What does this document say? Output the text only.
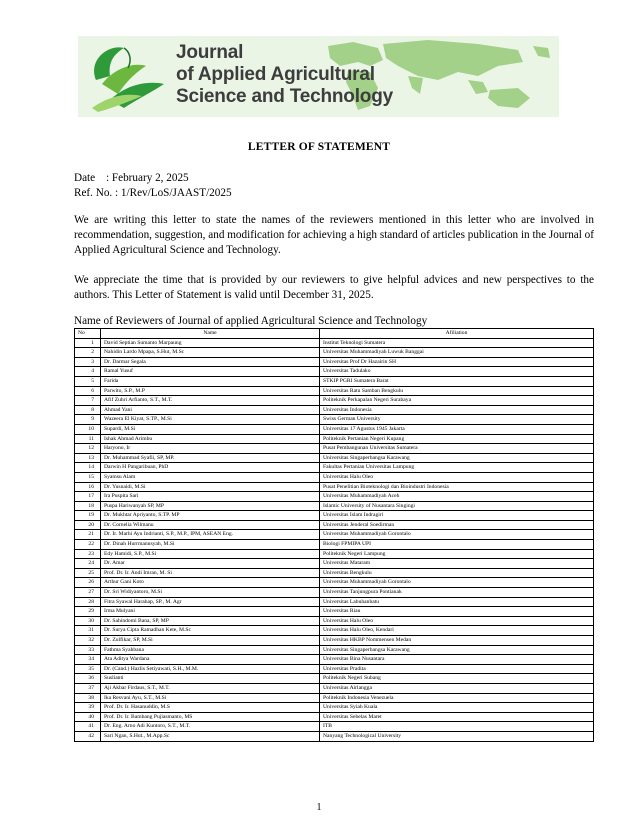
Journal
of Applied Agricultural
Science and Technology
LETTER OF STATEMENT
Date : February 2, 2025
Ref. No. : 1/Rev/LoS/JAAST/2025
We are writing this letter to state the names of the reviewers mentioned in this letter who are involved in recommendation, suggestion, and modification for achieving a high standard of articles publication in the Journal of Applied Agricultural Science and Technology.
We appreciate the time that is provided by our reviewers to give helpful advices and new perspectives to the authors. This Letter of Statement is valid until December 31, 2025.
Name of Reviewers of Journal of applied Agricultural Science and Technology
No	Name	Afiliation
1	David Septian Sumanto Marpaung	Institut Teknologi Sumatera
2	Nahidin Lardo Mpapa, S.Hut, M.Sc	Universitas Muhammadiyah Luwuk Banggai
3	Dr. Darmar Segala	Universitas Prof Dr Hazairin SH
4	Ramal Yusuf	Universitas Tadulako
5	Farida	STKIP PGRI Sumatera Barat
6	Parwito, S.P., M.P	Universitas Ratu Samban Bengkulu
7	Afif Zuhri Arfianto, S.T., M.T.	Politeknik Perkapalan Negeri Surabaya
8	Ahmad Yani	Universitas Indonesia
9	Wazeera El Kiyat, S.TP., M.Si	Swiss German University
10	Supardi, M.Si	Universitas 17 Agustus 1945 Jakarta
11	Ishak Ahmad Arimbu	Politeknik Pertanian Negeri Kupang
12	Haryono, Ir	Pusat Pembangunan Universitas Sumatera
13	Dr. Muhammad Syafii, SP, MP.	Universitas Singaperbangsa Karawang
14	Darwin H Pangaribuan, PhD	Fakultas Pertanian Universitas Lampung
15	Syamsu Alam	Universitas Halu Oleo
16	Dr. Yusnaidi, M.Si	Pusat Penelitian Bioteknologi dan Bioindustri Indonesia
17	Ira Puspita Sari	Universitas Muhammadiyah Aceh
18	Puspa Hariwanyah SP, MP	Islamic University of Nusantara Singingi
19	Dr. Mukhtar Apriyanto, S.TP. MP	Universitas Islam Indragiri
20	Dr. Cornelia Wilmanu	Universitas Jenderal Soedirman
21	Dr. Ir. Marhi Ayu Indrianti, S.P., M.P., IPM, ASEAN Eng.	Universitas Muhammadiyah Gorontalo
22	Dr. Dinah Hurrmannsyah, M.Si	Biologi FPMIPA UPI
23	Edy Hamidi, S.P., M.Si	Politeknik Negeri Lampung
24	Dr. Amar	Universitas Mataram
25	Prof. Dr. Ir. Andi Imran, M. Si	Universitas Bengkulu
26	Arthur Gani Koto	Universitas Muhammadiyah Gorontalo
27	Dr. Sri Widiyantoro, M.Si	Universitas Tanjungpura Pontianak
28	Fitra Syawal Harahap, SP., M. Agr	Universitas Labuhanbatu
29	Irma Mulyani	Universitas Riau
30	Dr. Sahindomi Bana, SP, MP	Universitas Halu Oleo
31	Dr. Surya Cipta Ramadhan Kete, M.Sc	Universitas Halu Oleo, Kendari
32	Dr. Zulfikar, SP, M.Si	Universitas HKBP Nommensen Medan
33	Fathma Syahbana	Universitas Singaperbangsa Karawang
34	Ata Aditya Wardana	Universitas Bina Nusantara
35	Dr. (Cand.) Hazlis Setiyawati, S.H., M.M.	Universitas Pradita
36	Suslianti	Politeknik Negeri Subang
37	Aji Akbar Firdaus, S.T., M.T.	Universitas Airlangga
38	Ika Resvani Ayu, S.T., M.Si	Politeknik Indonesia Venezuela
39	Prof. Dr. Ir. Hasanuddin, M.S	Universitas Syiah Kuala
40	Prof. Dr. Ir. Bambang Pujiasmanto, MS	Universitas Sebelas Maret
41	Dr. Eng. Arno Adi Kuntoro, S.T., M.T.	ITB
42	Sari Ngan, S.Hut., M.App.Sc	Nanyang Technological University
1
